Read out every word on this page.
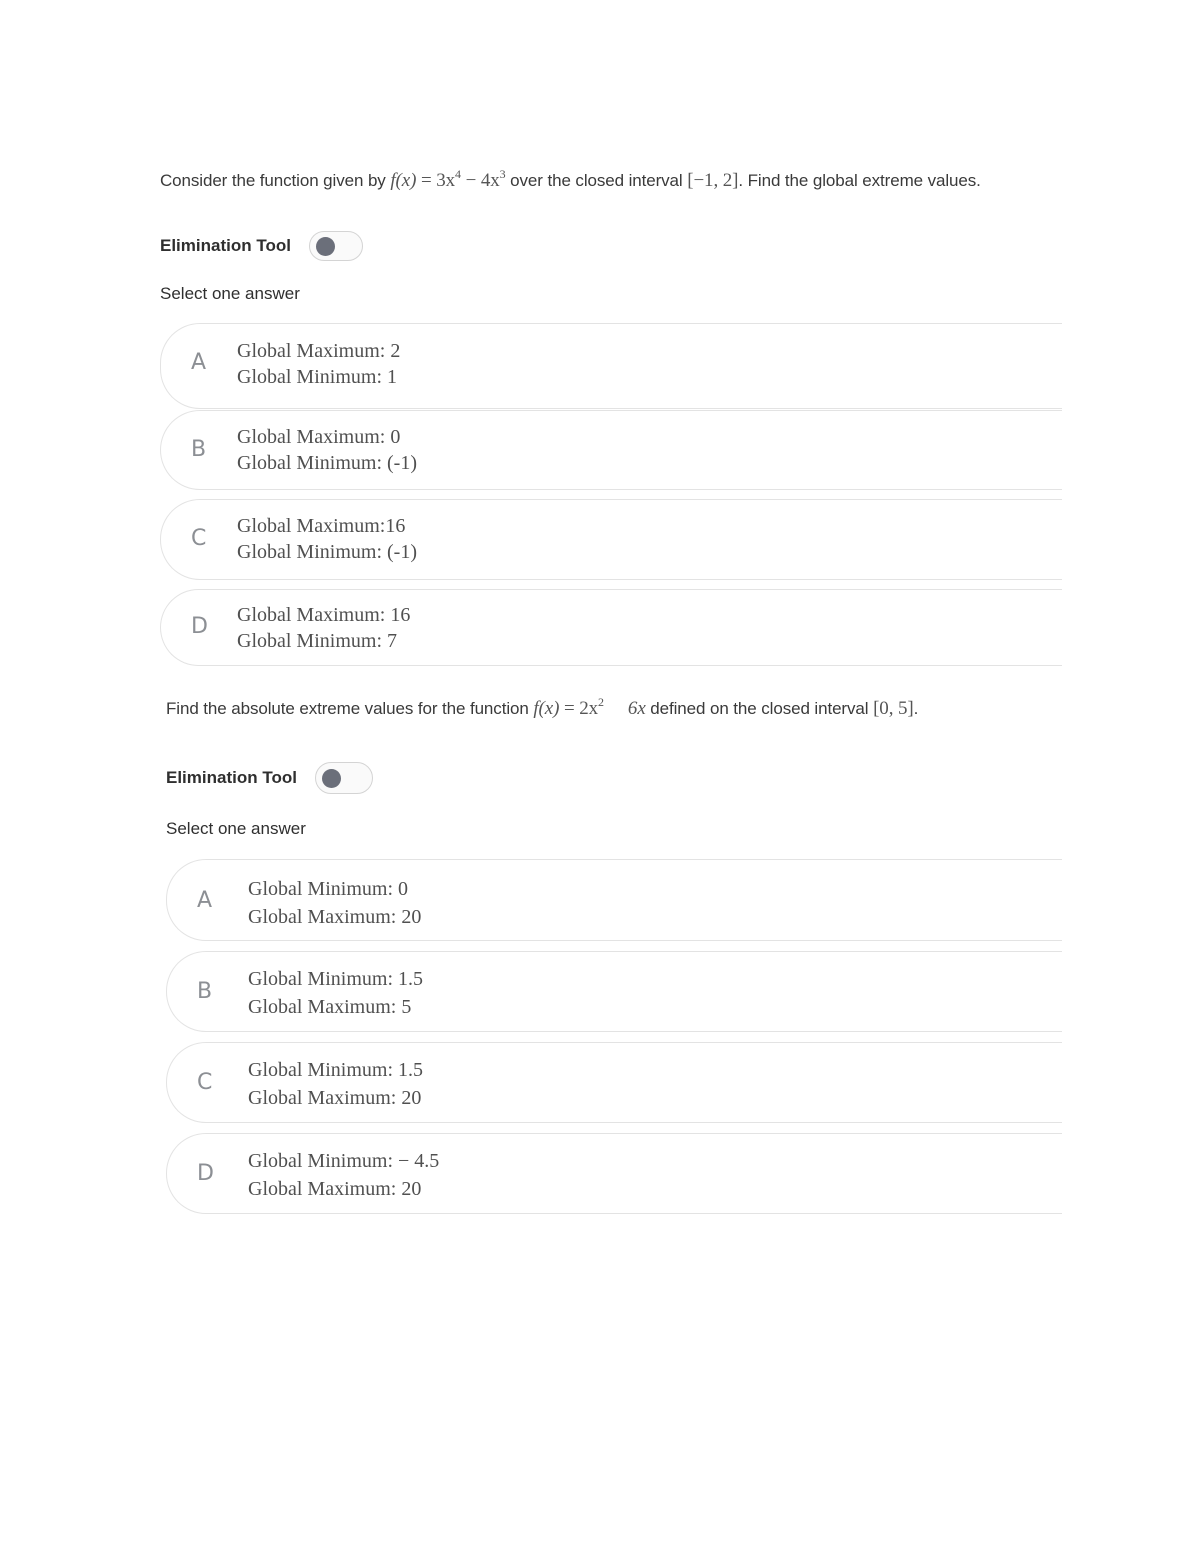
Consider the function given by $f(x) = 3x^4 - 4x^3$ over the closed interval [−1, 2]. Find the global extreme values.
Elimination Tool
Select one answer
A Global Maximum: 2
Global Minimum: 1
B Global Maximum: 0
Global Minimum: (-1)
C Global Maximum:16
Global Minimum: (-1)
D Global Maximum: 16
Global Minimum: 7
Find the absolute extreme values for the function $f(x) = 2x^2$ 6x defined on the closed interval [0, 5].
Elimination Tool
Select one answer
A Global Minimum: 0
Global Maximum: 20
B Global Minimum: 1.5
Global Maximum: 5
C Global Minimum: 1.5
Global Maximum: 20
D Global Minimum: − 4.5
Global Maximum: 20
